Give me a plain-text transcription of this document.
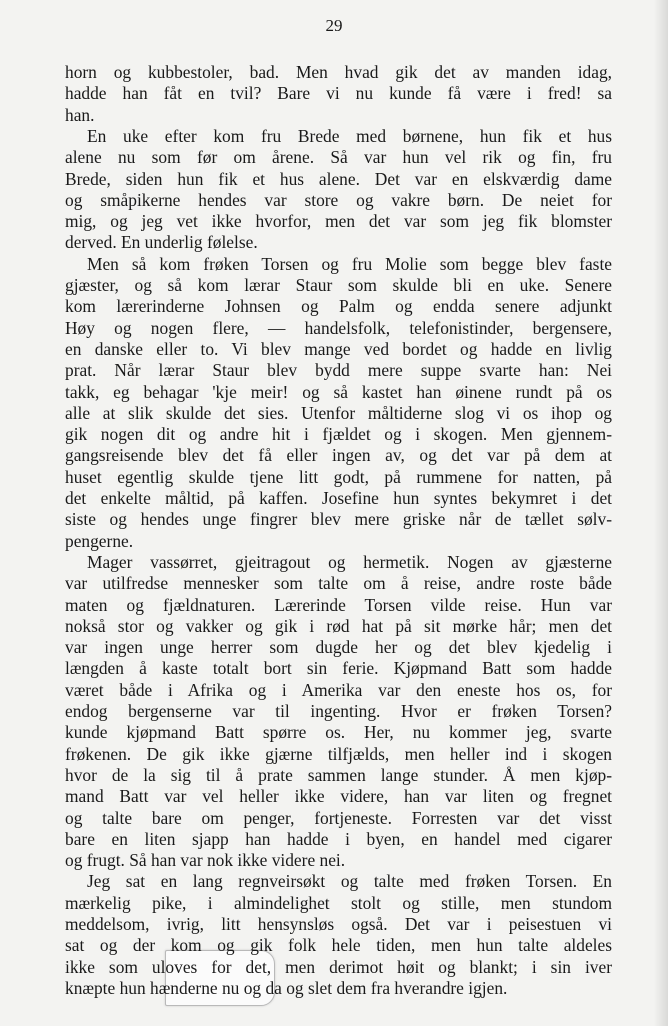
29
horn og kubbestoler, bad. Men hvad gik det av manden idag,
hadde han fåt en tvil? Bare vi nu kunde få være i fred! sa
han.
En uke efter kom fru Brede med børnene, hun fik et hus
alene nu som før om årene. Så var hun vel rik og fin, fru
Brede, siden hun fik et hus alene. Det var en elskværdig dame
og småpikerne hendes var store og vakre børn. De neiet for
mig, og jeg vet ikke hvorfor, men det var som jeg fik blomster
derved. En underlig følelse.
Men så kom frøken Torsen og fru Molie som begge blev faste
gjæster, og så kom lærar Staur som skulde bli en uke. Senere
kom lærerinderne Johnsen og Palm og endda senere adjunkt
Høy og nogen flere, — handelsfolk, telefonistinder, bergensere,
en danske eller to. Vi blev mange ved bordet og hadde en livlig
prat. Når lærar Staur blev bydd mere suppe svarte han: Nei
takk, eg behagar 'kje meir! og så kastet han øinene rundt på os
alle at slik skulde det sies. Utenfor måltiderne slog vi os ihop og
gik nogen dit og andre hit i fjældet og i skogen. Men gjennem-
gangsreisende blev det få eller ingen av, og det var på dem at
huset egentlig skulde tjene litt godt, på rummene for natten, på
det enkelte måltid, på kaffen. Josefine hun syntes bekymret i det
siste og hendes unge fingrer blev mere griske når de tællet sølv-
pengerne.
Mager vassørret, gjeitragout og hermetik. Nogen av gjæsterne
var utilfredse mennesker som talte om å reise, andre roste både
maten og fjældnaturen. Lærerinde Torsen vilde reise. Hun var
nokså stor og vakker og gik i rød hat på sit mørke hår; men det
var ingen unge herrer som dugde her og det blev kjedelig i
længden å kaste totalt bort sin ferie. Kjøpmand Batt som hadde
været både i Afrika og i Amerika var den eneste hos os, for
endog bergenserne var til ingenting. Hvor er frøken Torsen?
kunde kjøpmand Batt spørre os. Her, nu kommer jeg, svarte
frøkenen. De gik ikke gjærne tilfjælds, men heller ind i skogen
hvor de la sig til å prate sammen lange stunder. Å men kjøp-
mand Batt var vel heller ikke videre, han var liten og fregnet
og talte bare om penger, fortjeneste. Forresten var det visst
bare en liten sjapp han hadde i byen, en handel med cigarer
og frugt. Så han var nok ikke videre nei.
Jeg sat en lang regnveirsøkt og talte med frøken Torsen. En
mærkelig pike, i almindelighet stolt og stille, men stundom
meddelsom, ivrig, litt hensynsløs også. Det var i peisestuen vi
sat og der kom og gik folk hele tiden, men hun talte aldeles
ikke som uloves for det, men derimot høit og blankt; i sin iver
knæpte hun hænderne nu og da og slet dem fra hverandre igjen.
